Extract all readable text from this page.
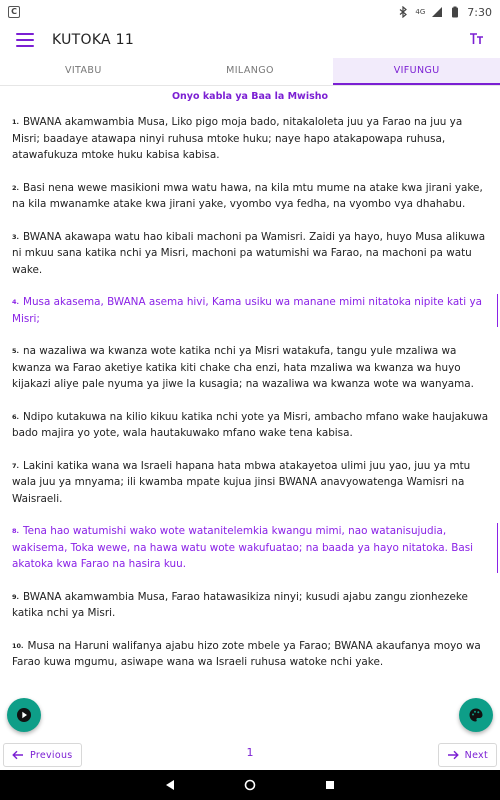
C	4G	7:30
KUTOKA 11
VITABU	MILANGO	VIFUNGU
Onyo kabla ya Baa la Mwisho
1. BWANA akamwambia Musa, Liko pigo moja bado, nitakaloleta juu ya Farao na juu ya Misri; baadaye atawapa ninyi ruhusa mtoke huku; naye hapo atakapowapa ruhusa, atawafukuza mtoke huku kabisa kabisa.
2. Basi nena wewe masikioni mwa watu hawa, na kila mtu mume na atake kwa jirani yake, na kila mwanamke atake kwa jirani yake, vyombo vya fedha, na vyombo vya dhahabu.
3. BWANA akawapa watu hao kibali machoni pa Wamisri. Zaidi ya hayo, huyo Musa alikuwa ni mkuu sana katika nchi ya Misri, machoni pa watumishi wa Farao, na machoni pa watu wake.
4. Musa akasema, BWANA asema hivi, Kama usiku wa manane mimi nitatoka nipite kati ya Misri;
5. na wazaliwa wa kwanza wote katika nchi ya Misri watakufa, tangu yule mzaliwa wa kwanza wa Farao aketiye katika kiti chake cha enzi, hata mzaliwa wa kwanza wa huyo kijakazi aliye pale nyuma ya jiwe la kusagia; na wazaliwa wa kwanza wote wa wanyama.
6. Ndipo kutakuwa na kilio kikuu katika nchi yote ya Misri, ambacho mfano wake haujakuwa bado majira yo yote, wala hautakuwako mfano wake tena kabisa.
7. Lakini katika wana wa Israeli hapana hata mbwa atakayetoa ulimi juu yao, juu ya mtu wala juu ya mnyama; ili kwamba mpate kujua jinsi BWANA anavyowatenga Wamisri na Waisraeli.
8. Tena hao watumishi wako wote watanitelemkia kwangu mimi, nao watanisujudia, wakisema, Toka wewe, na hawa watu wote wakufuatao; na baada ya hayo nitatoka. Basi akatoka kwa Farao na hasira kuu.
9. BWANA akamwambia Musa, Farao hatawasikiza ninyi; kusudi ajabu zangu zionhezeke katika nchi ya Misri.
10. Musa na Haruni walifanya ajabu hizo zote mbele ya Farao; BWANA akaufanya moyo wa Farao kuwa mgumu, asiwape wana wa Israeli ruhusa watoke nchi yake.
Previous	1	Next
